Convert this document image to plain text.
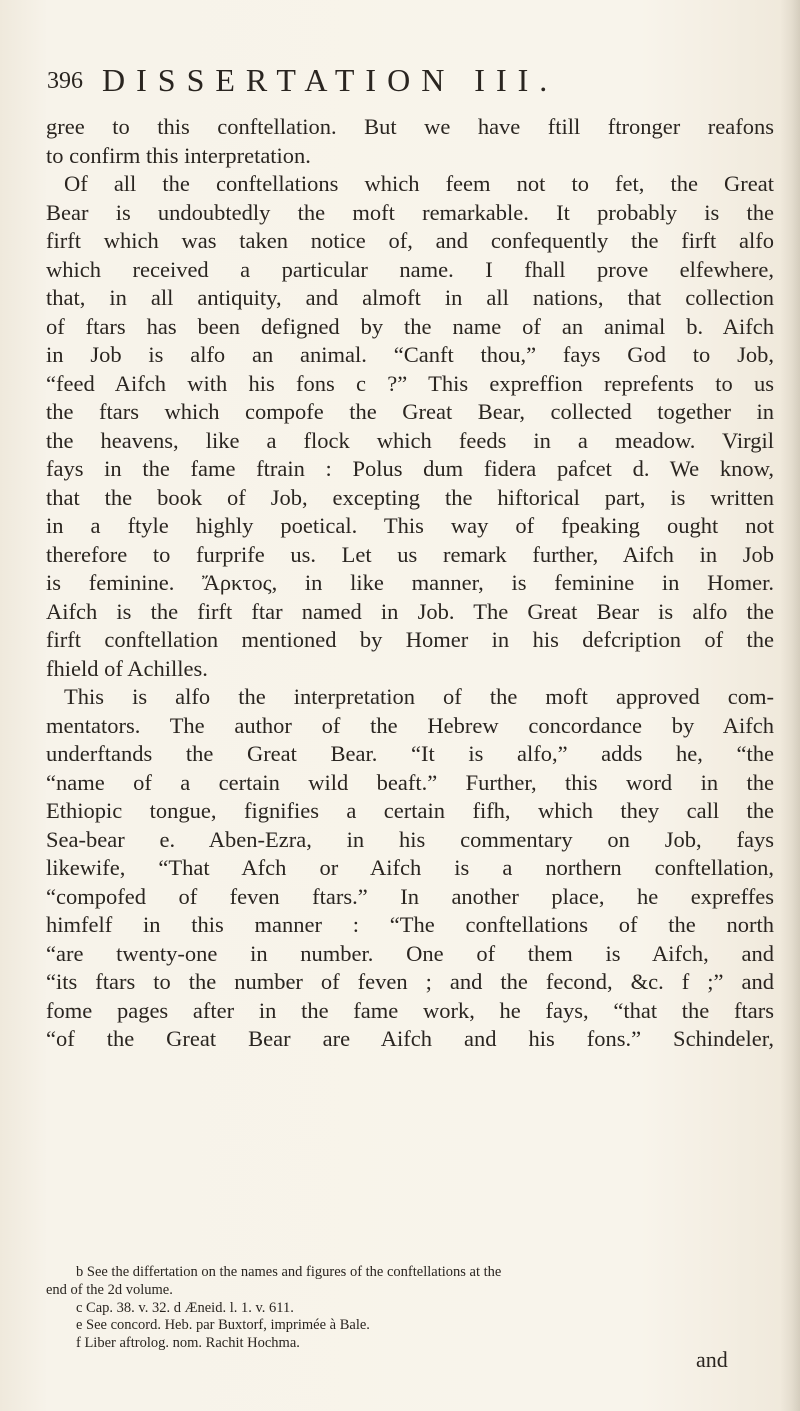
396 DISSERTATION III.
gree to this conftellation. But we have ftill ftronger reafons
to confirm this interpretation.
Of all the conftellations which feem not to fet, the Great
Bear is undoubtedly the moft remarkable. It probably is the
firft which was taken notice of, and confequently the firft alfo
which received a particular name. I fhall prove elfewhere,
that, in all antiquity, and almoft in all nations, that collection
of ftars has been defigned by the name of an animal b. Aifch
in Job is alfo an animal. “Canft thou,” fays God to Job,
“feed Aifch with his fons c ?” This expreffion reprefents to us
the ftars which compofe the Great Bear, collected together in
the heavens, like a flock which feeds in a meadow. Virgil
fays in the fame ftrain : Polus dum fidera pafcet d. We know,
that the book of Job, excepting the hiftorical part, is written
in a ftyle highly poetical. This way of fpeaking ought not
therefore to furprife us. Let us remark further, Aifch in Job
is feminine. Ἄρκτος, in like manner, is feminine in Homer.
Aifch is the firft ftar named in Job. The Great Bear is alfo the
firft conftellation mentioned by Homer in his defcription of the
fhield of Achilles.
This is alfo the interpretation of the moft approved com-
mentators. The author of the Hebrew concordance by Aifch
underftands the Great Bear. “It is alfo,” adds he, “the
“name of a certain wild beaft.” Further, this word in the
Ethiopic tongue, fignifies a certain fifh, which they call the
Sea-bear e. Aben-Ezra, in his commentary on Job, fays
likewife, “That Afch or Aifch is a northern conftellation,
“compofed of feven ftars.” In another place, he expreffes
himfelf in this manner : “The conftellations of the north
“are twenty-one in number. One of them is Aifch, and
“its ftars to the number of feven ; and the fecond, &c. f ;” and
fome pages after in the fame work, he fays, “that the ftars
“of the Great Bear are Aifch and his fons.” Schindeler,
b See the differtation on the names and figures of the conftellations at the
end of the 2d volume.
c Cap. 38. v. 32. d Æneid. l. 1. v. 611.
e See concord. Heb. par Buxtorf, imprimée à Bale.
f Liber aftrolog. nom. Rachit Hochma.
and
